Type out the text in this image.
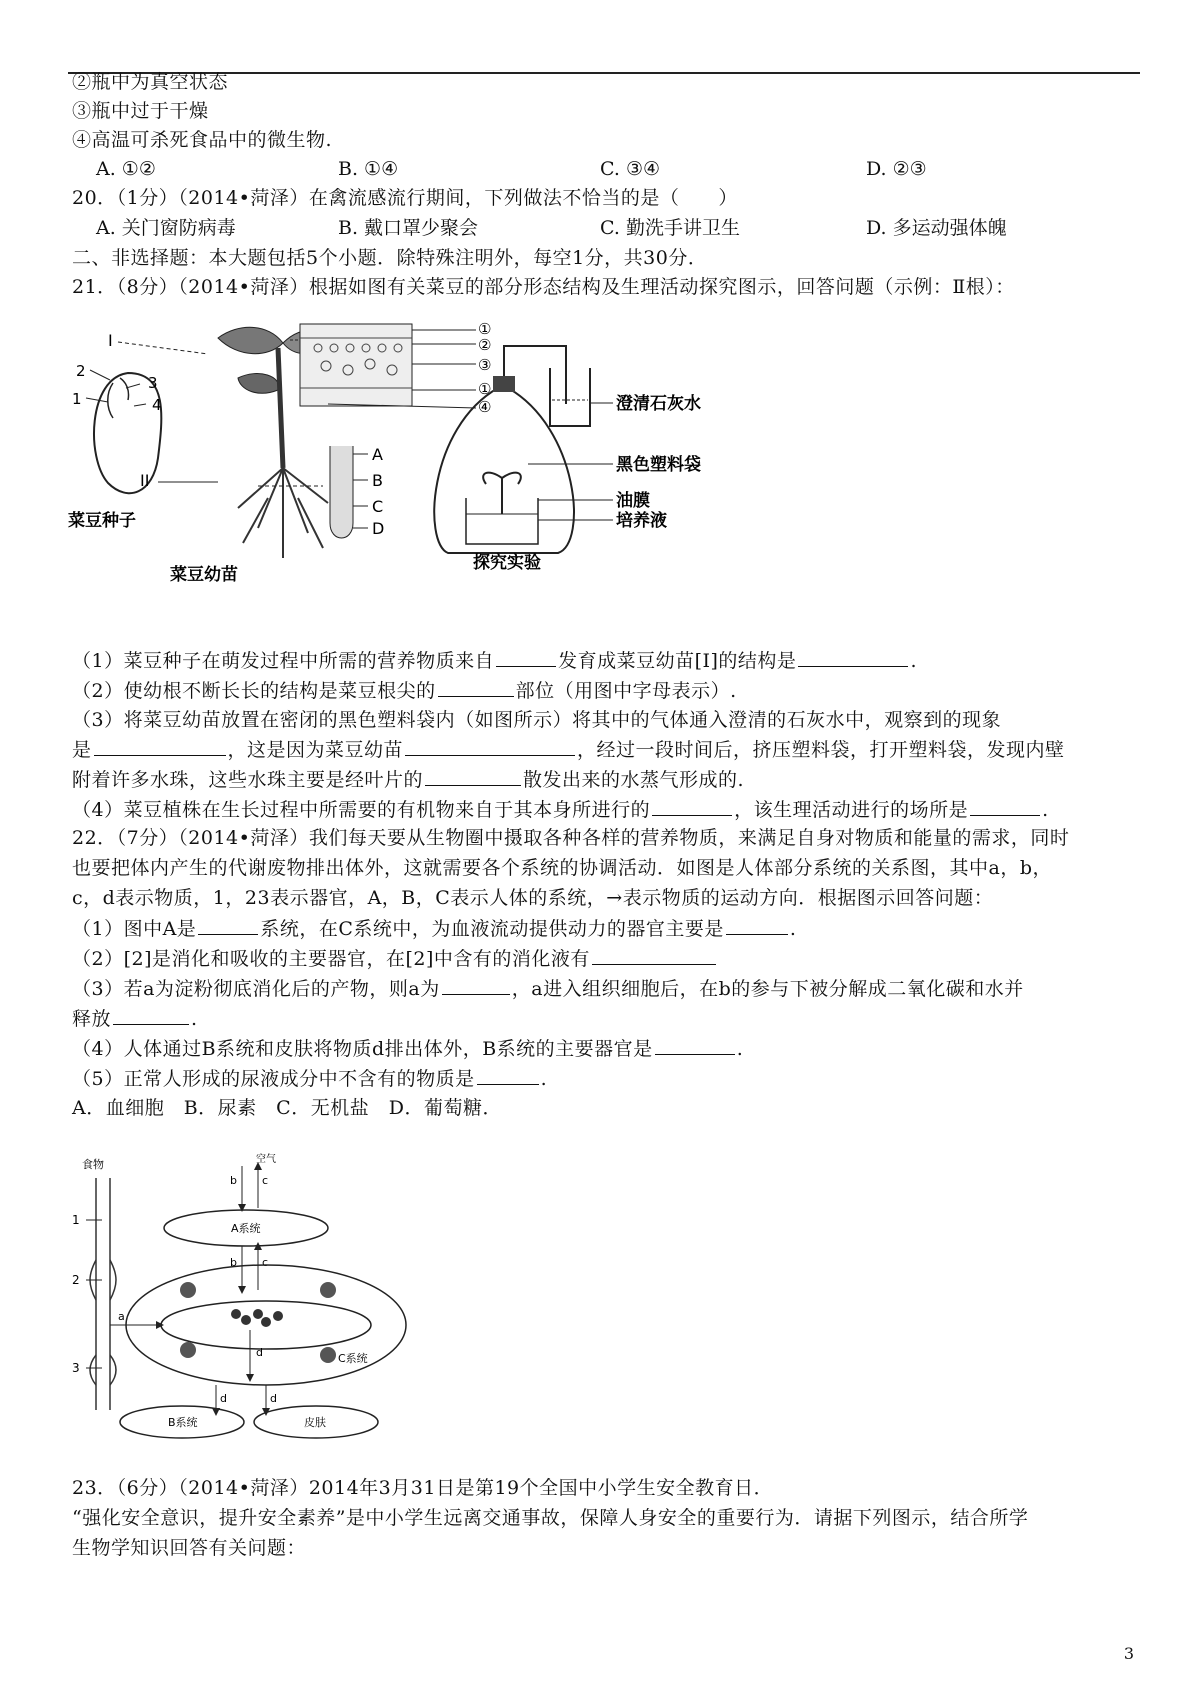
②瓶中为真空状态
③瓶中过于干燥
④高温可杀死食品中的微生物.
A. ①②	B. ①④	C. ③④	D. ②③
20．（1分）（2014•菏泽）在禽流感流行期间，下列做法不恰当的是（　　）
A. 关门窗防病毒	B. 戴口罩少聚会	C. 勤洗手讲卫生	D. 多运动强体魄
二、非选择题：本大题包括5个小题．除特殊注明外，每空1分，共30分．
21．（8分）（2014•菏泽）根据如图有关菜豆的部分形态结构及生理活动探究图示，回答问题（示例：Ⅱ根）：
2
3
1	4
菜豆种子
I
II
菜豆幼苗
①
②
③
①
④
A
B
C
D
澄清石灰水
黑色塑料袋
油膜
培养液
探究实验
（1）菜豆种子在萌发过程中所需的营养物质来自	发育成菜豆幼苗[I]的结构是	.
（2）使幼根不断长长的结构是菜豆根尖的	部位（用图中字母表示）.
（3）将菜豆幼苗放置在密闭的黑色塑料袋内（如图所示）将其中的气体通入澄清的石灰水中，观察到的现象
是	，这是因为菜豆幼苗	，经过一段时间后，挤压塑料袋，打开塑料袋，发现内壁
附着许多水珠，这些水珠主要是经叶片的	散发出来的水蒸气形成的.
（4）菜豆植株在生长过程中所需要的有机物来自于其本身所进行的	，该生理活动进行的场所是	.
22．（7分）（2014•菏泽）我们每天要从生物圈中摄取各种各样的营养物质，来满足自身对物质和能量的需求，同时
也要把体内产生的代谢废物排出体外，这就需要各个系统的协调活动．如图是人体部分系统的关系图，其中a，b，
c，d表示物质，1，23表示器官，A，B，C表示人体的系统，→表示物质的运动方向．根据图示回答问题：
（1）图中A是	系统，在C系统中，为血液流动提供动力的器官主要是	.
（2）[2]是消化和吸收的主要器官，在[2]中含有的消化液有
（3）若a为淀粉彻底消化后的产物，则a为	，a进入组织细胞后，在b的参与下被分解成二氧化碳和水并
释放	.
（4）人体通过B系统和皮肤将物质d排出体外，B系统的主要器官是	.
（5）正常人形成的尿液成分中不含有的物质是	.
A．血细胞　B．尿素　C．无机盐　D．葡萄糖．
食物
1
2
3
A系统
空气
b c
b c
C系统
a
d
d	d
B系统	皮肤
23．（6分）（2014•菏泽）2014年3月31日是第19个全国中小学生安全教育日．
“强化安全意识，提升安全素养”是中小学生远离交通事故，保障人身安全的重要行为．请据下列图示，结合所学
生物学知识回答有关问题：
3
